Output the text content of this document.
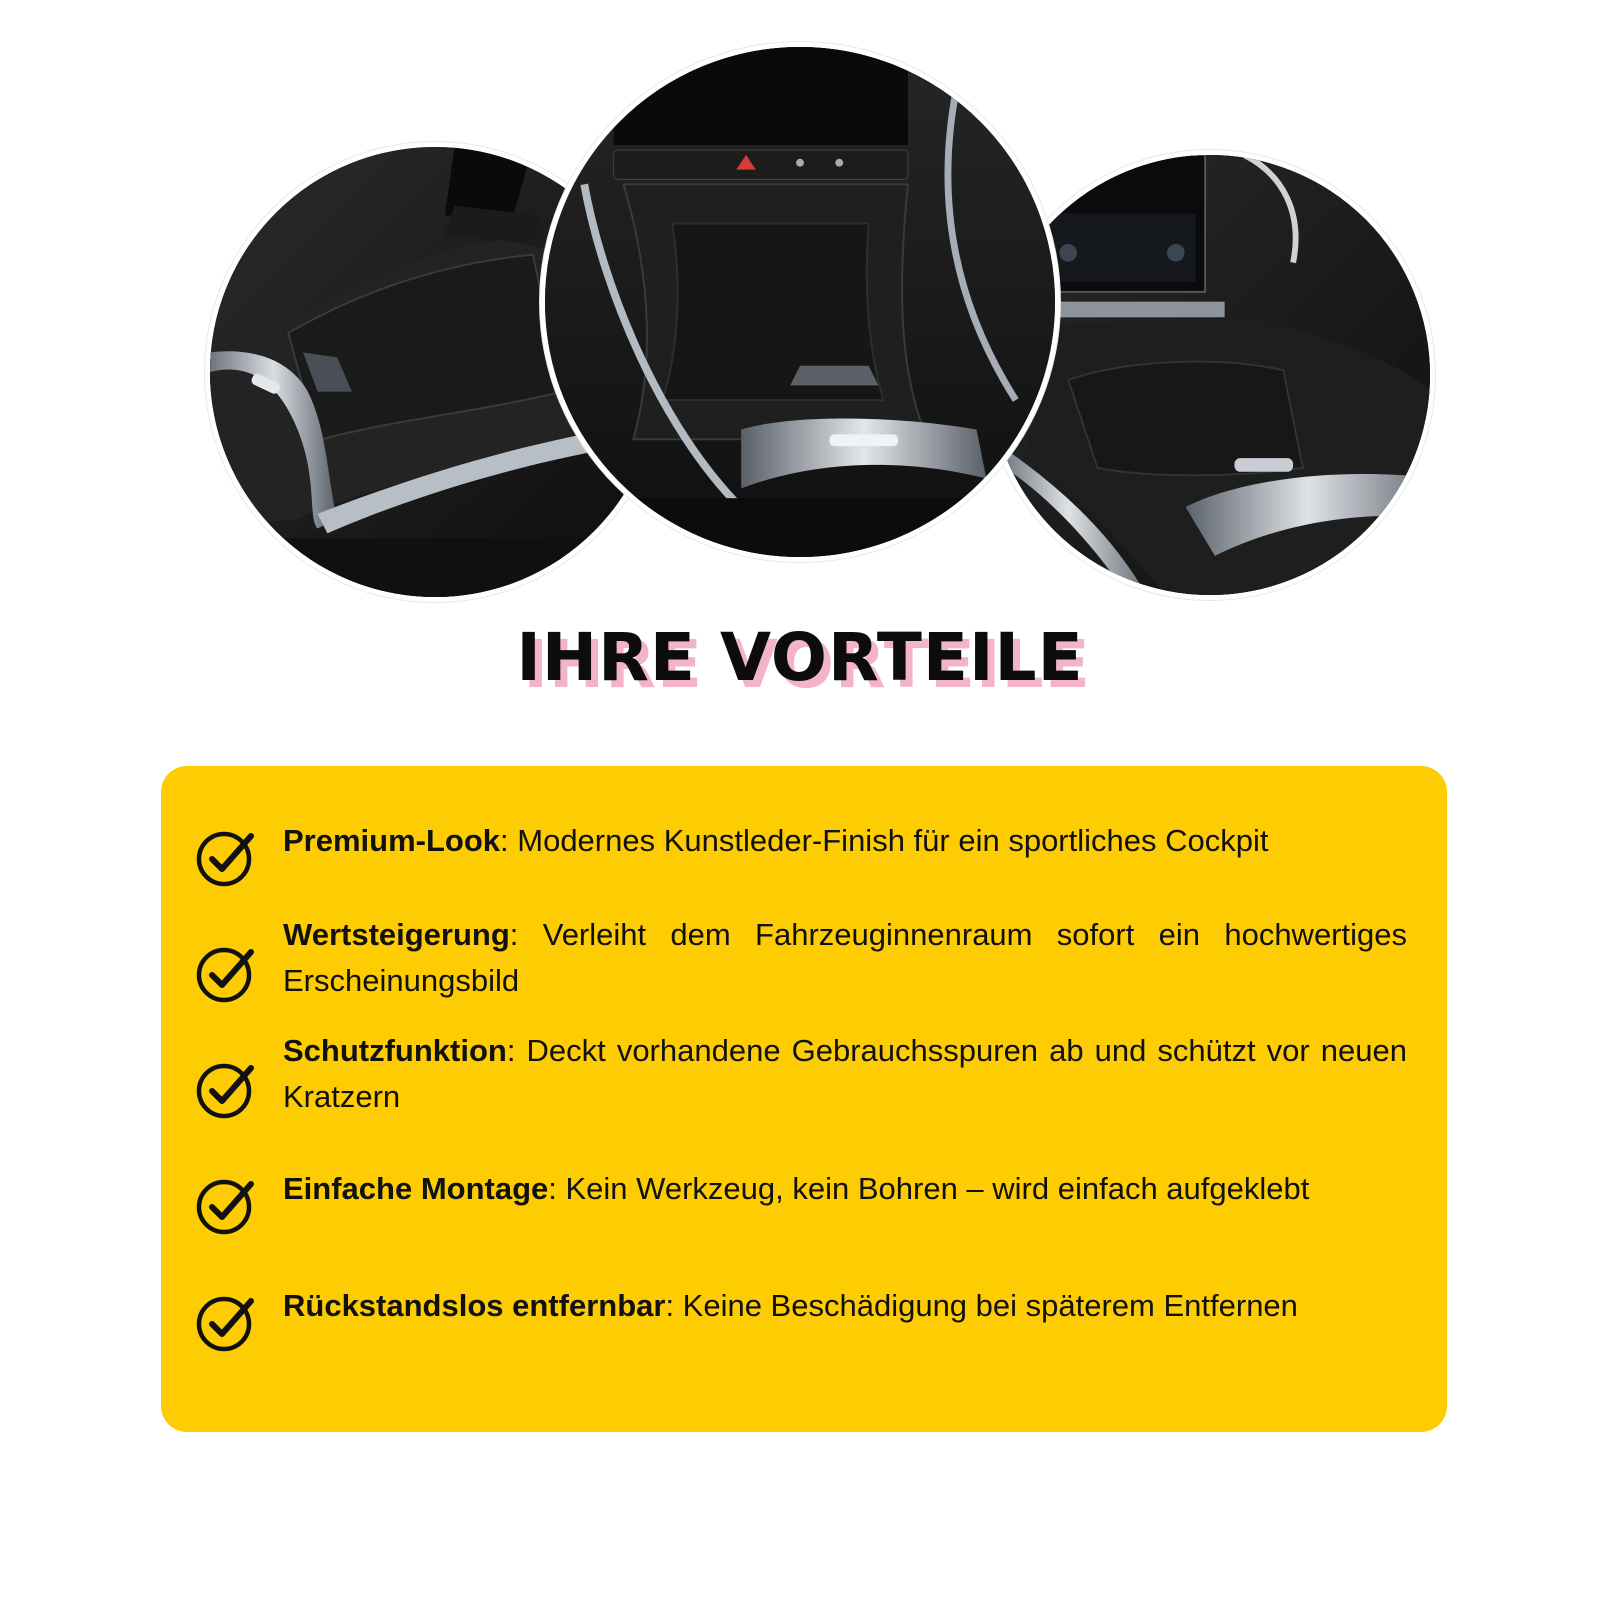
IHRE VORTEILE

Premium-Look: Modernes Kunstleder-Finish für ein sportliches Cockpit

Wertsteigerung: Verleiht dem Fahrzeuginnenraum sofort ein hochwertiges Erscheinungsbild

Schutzfunktion: Deckt vorhandene Gebrauchsspuren ab und schützt vor neuen Kratzern

Einfache Montage: Kein Werkzeug, kein Bohren – wird einfach aufgeklebt

Rückstandslos entfernbar: Keine Beschädigung bei späterem Entfernen
